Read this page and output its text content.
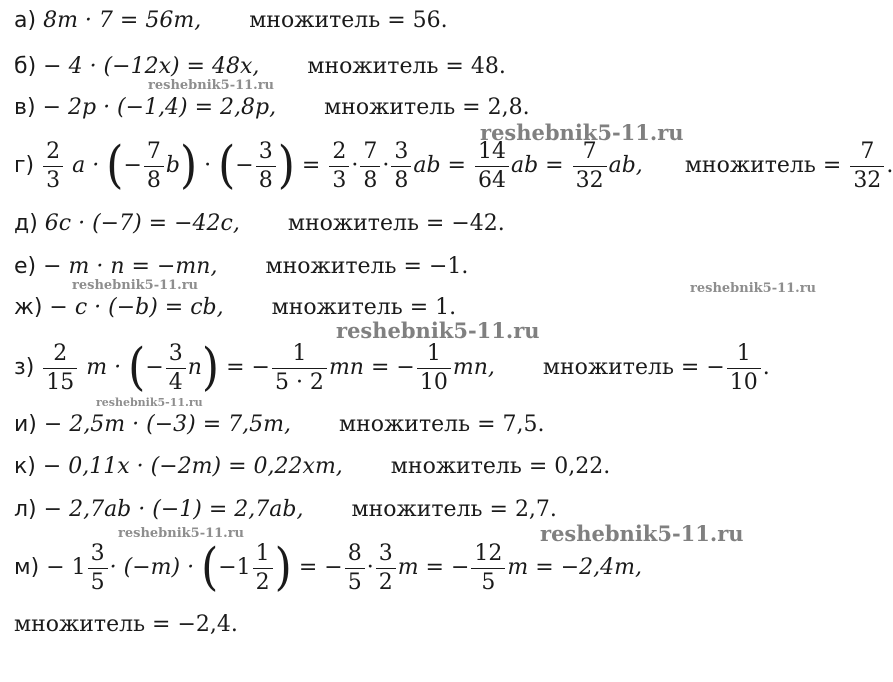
а) 8m · 7 = 56m, множитель = 56.
б) − 4 · (−12x) = 48x, множитель = 48.
в) − 2p · (−1,4) = 2,8p, множитель = 2,8.
$г) \frac{2}{3}$ a · (− $\frac{7}{8} b$) · (− $\frac{3}{8}$ ) = $\frac{2}{3} \cdot \frac{7}{8} \cdot \frac{3}{8}$ ab = $\frac{14}{64}$ ab = $\frac{7}{32}$ ab, множитель = $\frac{7}{32}$ .
д) 6c · (−7) = −42c, множитель = −42.
е) − m · n = −mn, множитель = −1.
ж) − c · (−b) = cb, множитель = 1.
$з) \frac{2}{15}$ m · (− $\frac{3}{4} n$) = − $\frac{1}{5 \cdot 2}$ mn = − $\frac{1}{10}$ mn, множитель = − $\frac{1}{10}$ .
и) − 2,5m · (−3) = 7,5m, множитель = 7,5.
к) − 0,11x · (−2m) = 0,22xm, множитель = 0,22.
л) − 2,7ab · (−1) = 2,7ab, множитель = 2,7.
$м) - 1 \frac{3}{5} \cdot (-m) \cdot (-1 \frac{1}{2}$ ) = − $\frac{8}{5} \cdot \frac{3}{2}$ m = − $\frac{12}{5}$ m = −2,4m,
множитель = −2,4.
reshebnik5-11.ru
reshebnik5-11.ru
reshebnik5-11.ru	reshebnik5-11.ru
reshebnik5-11.ru
reshebnik5-11.ru
reshebnik5-11.ru	reshebnik5-11.ru
